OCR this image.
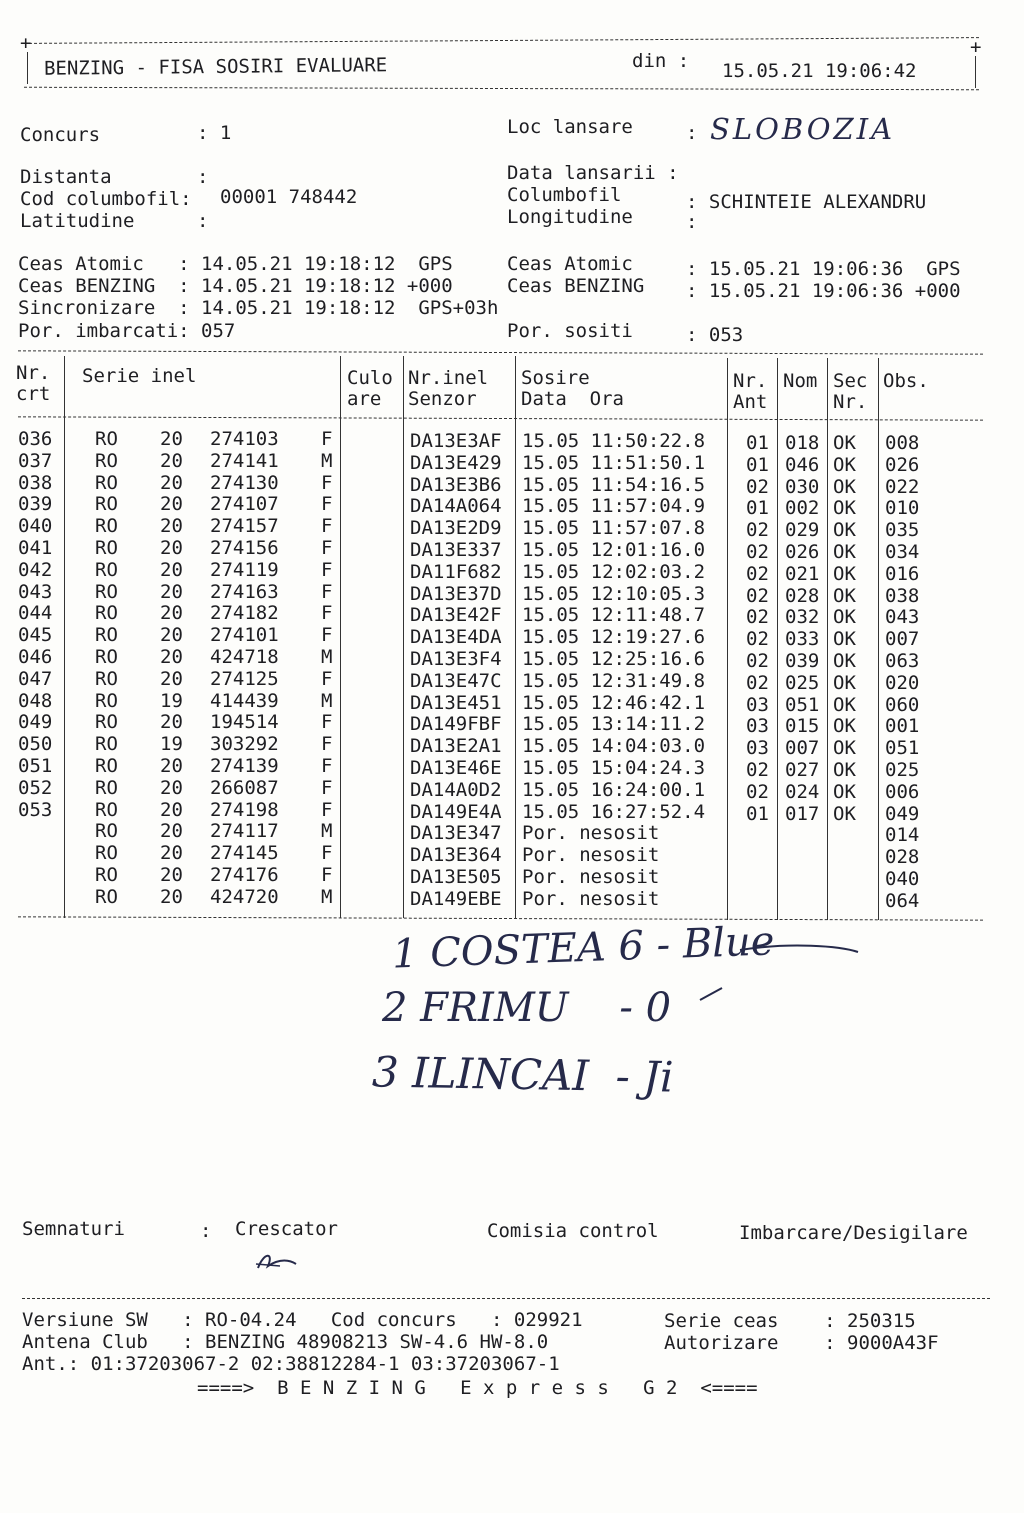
+	+
BENZING - FISA SOSIRI EVALUARE	din : 15.05.21 19:06:42
Concurs	: 1	Loc lansare	: SLOBOZIA
Distanta	:
Cod columbofil: 00001 748442
Latitudine	:
Data lansarii :
Columbofil	: SCHINTEIE ALEXANDRU
Longitudine	:
Ceas Atomic   : 14.05.21 19:18:12  GPS	Ceas Atomic	: 15.05.21 19:06:36  GPS
Ceas BENZING  : 14.05.21 19:18:12 +000	Ceas BENZING : 15.05.21 19:06:36 +000
Sincronizare  : 14.05.21 19:18:12  GPS+03h
Por. imbarcati: 057	Por. sositi	: 053
Nr.
crt
Serie inel	Culo
are
Nr.inel
Senzor
Sosire
Data  Ora
Nr.
Ant
Nom Sec
Nr.
Obs.
036 RO 20 274103 F	DA13E3AF 15.05 11:50:22.8 01 018 OK 008
037 RO 20 274141 M	DA13E429 15.05 11:51:50.1 01 046 OK 026
038 RO 20 274130 F	DA13E3B6 15.05 11:54:16.5 02 030 OK 022
039 RO 20 274107 F	DA14A064 15.05 11:57:04.9 01 002 OK 010
040 RO 20 274157 F	DA13E2D9 15.05 11:57:07.8 02 029 OK 035
041 RO 20 274156 F	DA13E337 15.05 12:01:16.0 02 026 OK 034
042 RO 20 274119 F	DA11F682 15.05 12:02:03.2 02 021 OK 016
043 RO 20 274163 F	DA13E37D 15.05 12:10:05.3 02 028 OK 038
044 RO 20 274182 F	DA13E42F 15.05 12:11:48.7 02 032 OK 043
045 RO 20 274101 F	DA13E4DA 15.05 12:19:27.6 02 033 OK 007
046 RO 20 424718 M	DA13E3F4 15.05 12:25:16.6 02 039 OK 063
047 RO 20 274125 F	DA13E47C 15.05 12:31:49.8 02 025 OK 020
048 RO 19 414439 M	DA13E451 15.05 12:46:42.1 03 051 OK 060
049 RO 20 194514 F	DA149FBF 15.05 13:14:11.2 03 015 OK 001
050 RO 19 303292 F	DA13E2A1 15.05 14:04:03.0 03 007 OK 051
051 RO 20 274139 F	DA13E46E 15.05 15:04:24.3 02 027 OK 025
052 RO 20 266087 F	DA14A0D2 15.05 16:24:00.1 02 024 OK 006
053 RO 20 274198 F	DA149E4A 15.05 16:27:52.4 01 017 OK 049
RO 20 274117 M	DA13E347 Por. nesosit	014
RO 20 274145 F	DA13E364 Por. nesosit	028
RO 20 274176 F	DA13E505 Por. nesosit	040
RO 20 424720 M	DA149EBE Por. nesosit	064
1 COSTEA 6 - Blue
2 FRIMU    - 0
3 ILINCAI  - Ji
Semnaturi	: Crescator	Comisia control	Imbarcare/Desigilare
Versiune SW   : RO-04.24   Cod concurs   : 029921	Serie ceas    : 250315
Antena Club   : BENZING 48908213 SW-4.6 HW-8.0	Autorizare    : 9000A43F
Ant.: 01:37203067-2 02:38812284-1 03:37203067-1
====>  B E N Z I N G   E x p r e s s   G 2  <====
